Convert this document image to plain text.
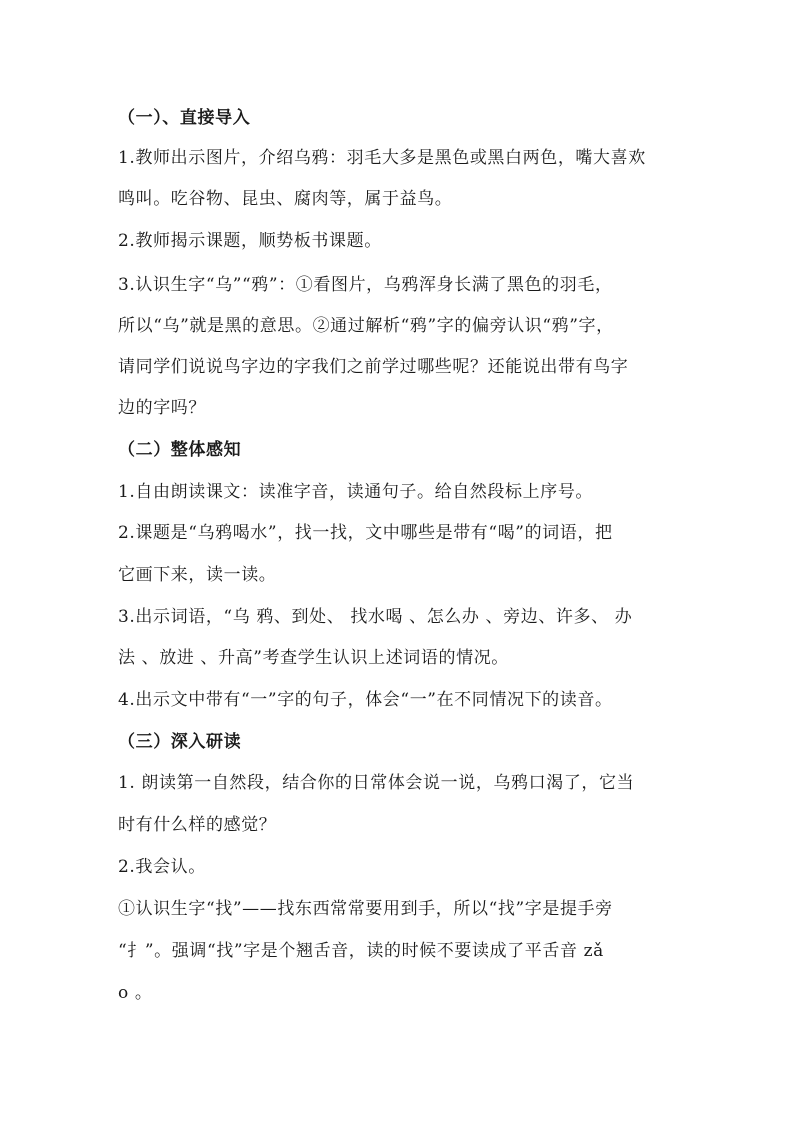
（一）、直接导入
1.教师出示图片，介绍乌鸦：羽毛大多是黑色或黑白两色，嘴大喜欢
鸣叫。吃谷物、昆虫、腐肉等，属于益鸟。
2.教师揭示课题，顺势板书课题。
3.认识生字“乌”“鸦”：①看图片，乌鸦浑身长满了黑色的羽毛，
所以“乌”就是黑的意思。②通过解析“鸦”字的偏旁认识“鸦”字，
请同学们说说鸟字边的字我们之前学过哪些呢？还能说出带有鸟字
边的字吗？
（二）整体感知
1.自由朗读课文：读准字音，读通句子。给自然段标上序号。
2.课题是“乌鸦喝水”，找一找，文中哪些是带有“喝”的词语，把
它画下来，读一读。
3.出示词语，“乌 鸦、到处、 找水喝 、怎么办 、旁边、许多、 办
法 、放进 、升高”考查学生认识上述词语的情况。
4.出示文中带有“一”字的句子，体会“一”在不同情况下的读音。
（三）深入研读
1. 朗读第一自然段，结合你的日常体会说一说，乌鸦口渴了，它当
时有什么样的感觉？
2.我会认。
①认识生字“找”——找东西常常要用到手，所以“找”字是提手旁
“扌”。强调“找”字是个翘舌音，读的时候不要读成了平舌音 zǎ
o 。
